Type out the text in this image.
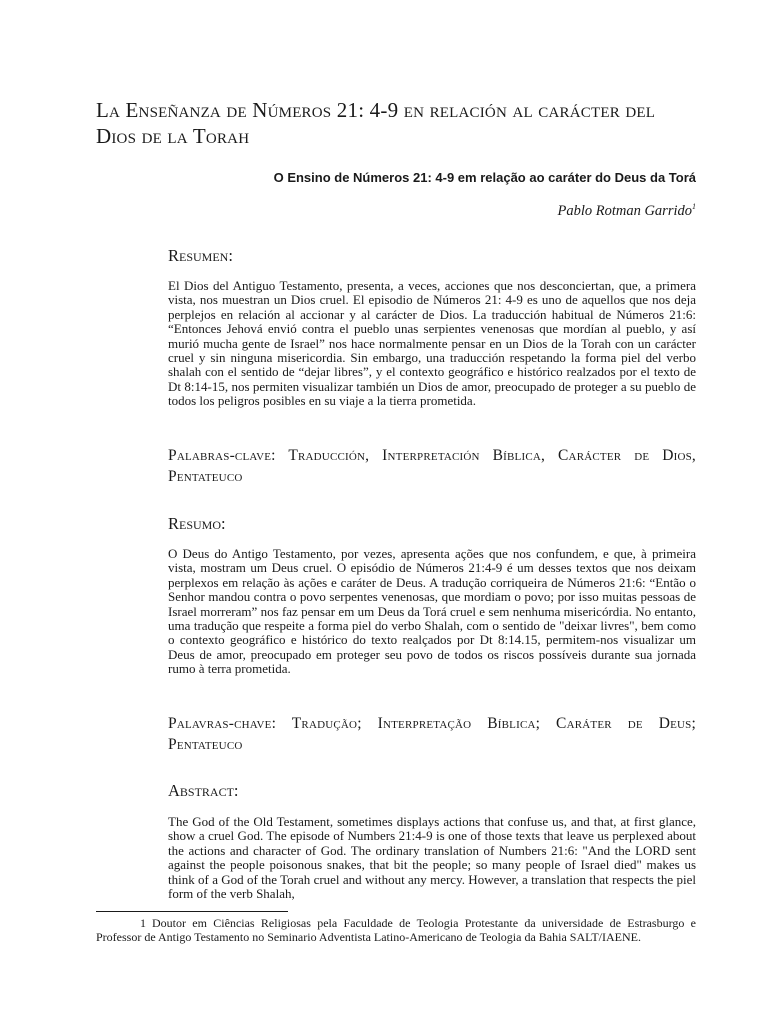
La Enseñanza de Números 21: 4-9 en relación al carácter del Dios de la Torah

O Ensino de Números 21: 4-9 em relação ao caráter do Deus da Torá

Pablo Rotman Garrido$^1$
Resumen:

El Dios del Antiguo Testamento, presenta, a veces, acciones que nos desconciertan, que, a primera vista, nos muestran un Dios cruel. El episodio de Números 21: 4-9 es uno de aquellos que nos deja perplejos en relación al accionar y al carácter de Dios. La traducción habitual de Números 21:6: “Entonces Jehová envió contra el pueblo unas serpientes venenosas que mordían al pueblo, y así murió mucha gente de Israel” nos hace normalmente pensar en un Dios de la Torah con un carácter cruel y sin ninguna misericordia. Sin embargo, una traducción respetando la forma piel del verbo shalah con el sentido de “dejar libres”, y el contexto geográfico e histórico realzados por el texto de Dt 8:14-15, nos permiten visualizar también un Dios de amor, preocupado de proteger a su pueblo de todos los peligros posibles en su viaje a la tierra prometida.

Palabras-clave: Traducción, Interpretación Bíblica, Carácter de Dios, Pentateuco

Resumo:

O Deus do Antigo Testamento, por vezes, apresenta ações que nos confundem, e que, à primeira vista, mostram um Deus cruel. O episódio de Números 21:4-9 é um desses textos que nos deixam perplexos em relação às ações e caráter de Deus. A tradução corriqueira de Números 21:6: “Então o Senhor mandou contra o povo serpentes venenosas, que mordiam o povo; por isso muitas pessoas de Israel morreram” nos faz pensar em um Deus da Torá cruel e sem nenhuma misericórdia. No entanto, uma tradução que respeite a forma piel do verbo Shalah, com o sentido de "deixar livres", bem como o contexto geográfico e histórico do texto realçados por Dt 8:14.15, permitem-nos visualizar um Deus de amor, preocupado em proteger seu povo de todos os riscos possíveis durante sua jornada rumo à terra prometida.

Palavras-chave: Tradução; Interpretação Bíblica; Caráter de Deus; Pentateuco

Abstract:

The God of the Old Testament, sometimes displays actions that confuse us, and that, at first glance, show a cruel God. The episode of Numbers 21:4-9 is one of those texts that leave us perplexed about the actions and character of God. The ordinary translation of Numbers 21:6: "And the LORD sent against the people poisonous snakes, that bit the people; so many people of Israel died" makes us think of a God of the Torah cruel and without any mercy. However, a translation that respects the piel form of the verb Shalah,

1 Doutor em Ciências Religiosas pela Faculdade de Teologia Protestante da universidade de Estrasburgo e Professor de Antigo Testamento no Seminario Adventista Latino-Americano de Teologia da Bahia SALT/IAENE.
